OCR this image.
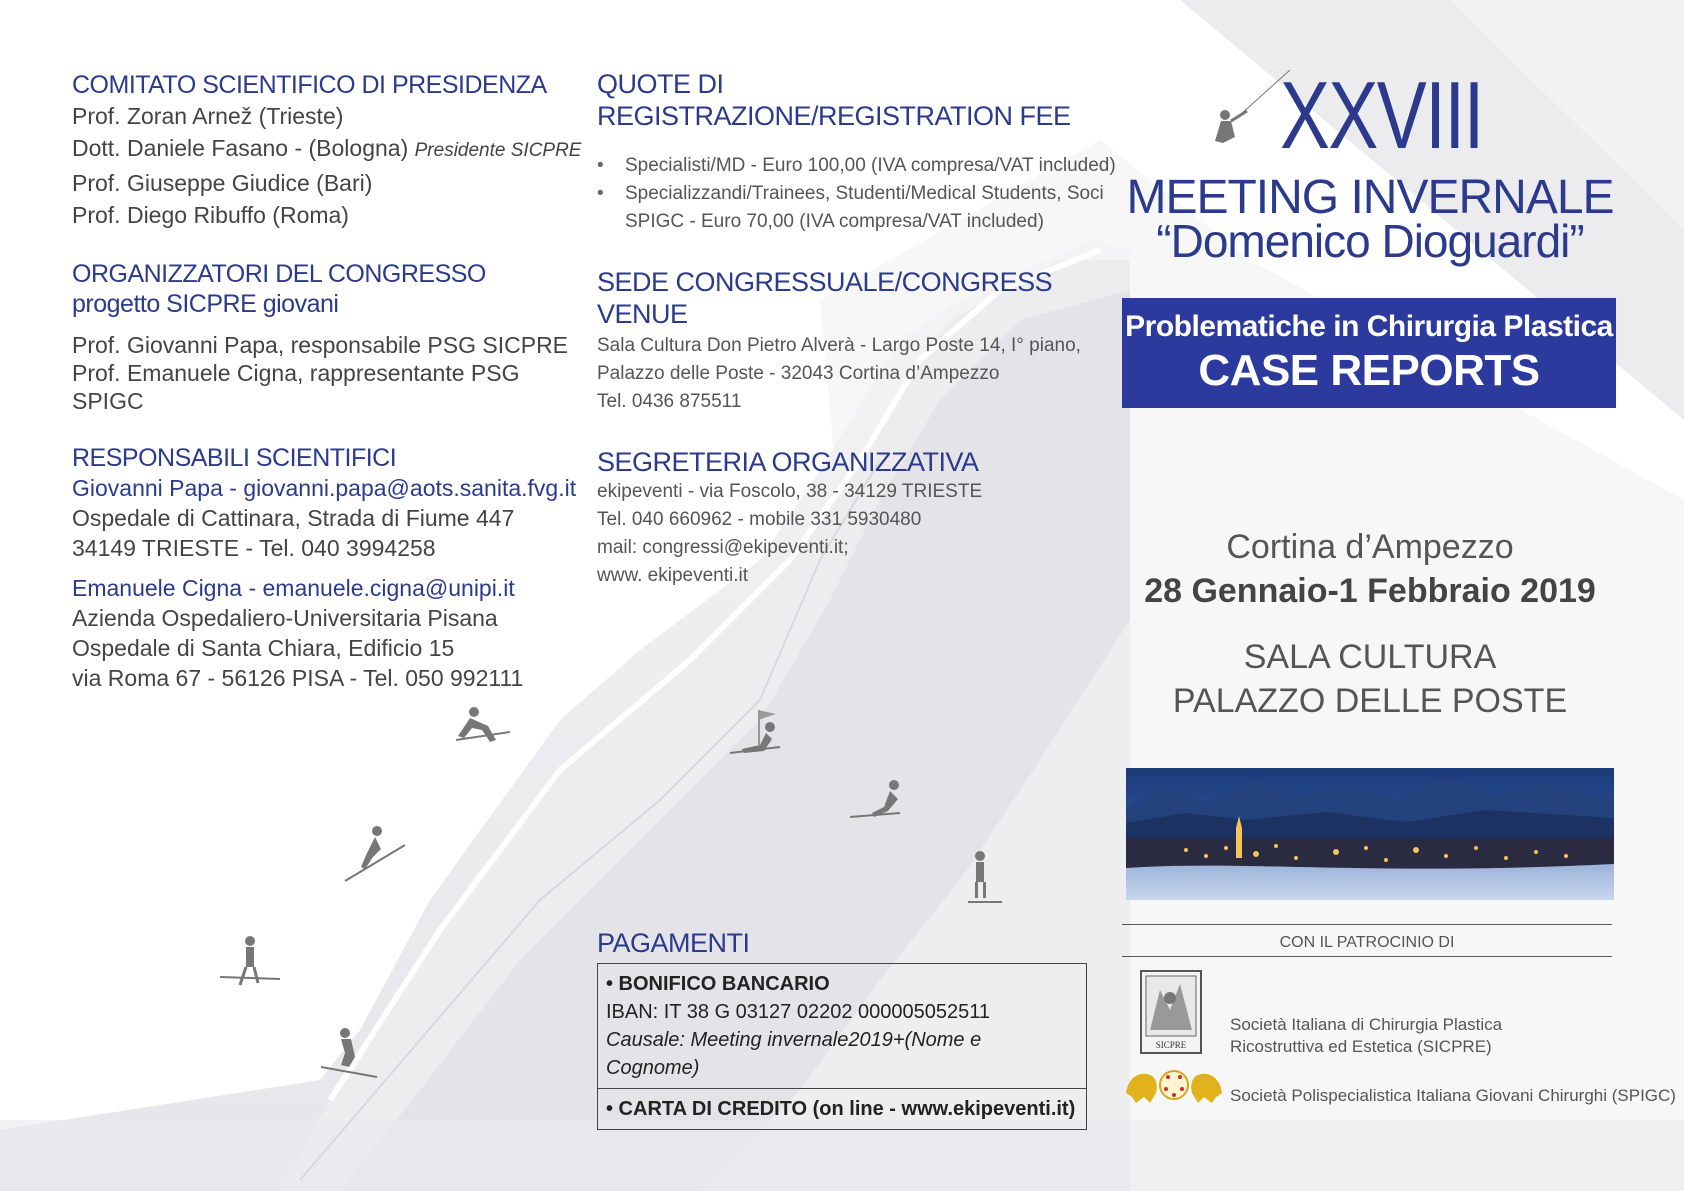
COMITATO SCIENTIFICO DI PRESIDENZA

Prof. Zoran Arnež (Trieste)

Dott. Daniele Fasano - (Bologna) Presidente SICPRE

Prof. Giuseppe Giudice (Bari)

Prof. Diego Ribuffo (Roma)

ORGANIZZATORI DEL CONGRESSO

progetto SICPRE giovani

Prof. Giovanni Papa, responsabile PSG SICPRE

Prof. Emanuele Cigna, rappresentante PSG SPIGC

RESPONSABILI SCIENTIFICI

Giovanni Papa - giovanni.papa@aots.sanita.fvg.it

Ospedale di Cattinara, Strada di Fiume 447

34149 TRIESTE - Tel. 040 3994258

Emanuele Cigna - emanuele.cigna@unipi.it

Azienda Ospedaliero-Universitaria Pisana

Ospedale di Santa Chiara, Edificio 15

via Roma 67 - 56126 PISA - Tel. 050 992111

QUOTE DI REGISTRAZIONE/REGISTRATION FEE

• Specialisti/MD - Euro 100,00 (IVA compresa/VAT included)
• Specializzandi/Trainees, Studenti/Medical Students, Soci SPIGC - Euro 70,00 (IVA compresa/VAT included)

SEDE CONGRESSUALE/CONGRESS VENUE

Sala Cultura Don Pietro Alverà - Largo Poste 14, I° piano,

Palazzo delle Poste - 32043 Cortina d’Ampezzo

Tel. 0436 875511

SEGRETERIA ORGANIZZATIVA

ekipeventi - via Foscolo, 38 - 34129 TRIESTE

Tel. 040 660962 - mobile 331 5930480

mail: congressi@ekipeventi.it;

www. ekipeventi.it

PAGAMENTI

• BONIFICO BANCARIO
IBAN: IT 38 G 03127 02202 000005052511
Causale: Meeting invernale2019+(Nome e Cognome)
• CARTA DI CREDITO (on line - www.ekipeventi.it)
XXVIII
MEETING INVERNALE
“Domenico Dioguardi”
Problematiche in Chirurgia Plastica
CASE REPORTS
Cortina d’Ampezzo
28 Gennaio-1 Febbraio 2019
SALA CULTURA
PALAZZO DELLE POSTE
CON IL PATROCINIO DI
SICPRE
Società Italiana di Chirurgia Plastica
Ricostruttiva ed Estetica (SICPRE)
Società Polispecialistica Italiana Giovani Chirurghi (SPIGC)
